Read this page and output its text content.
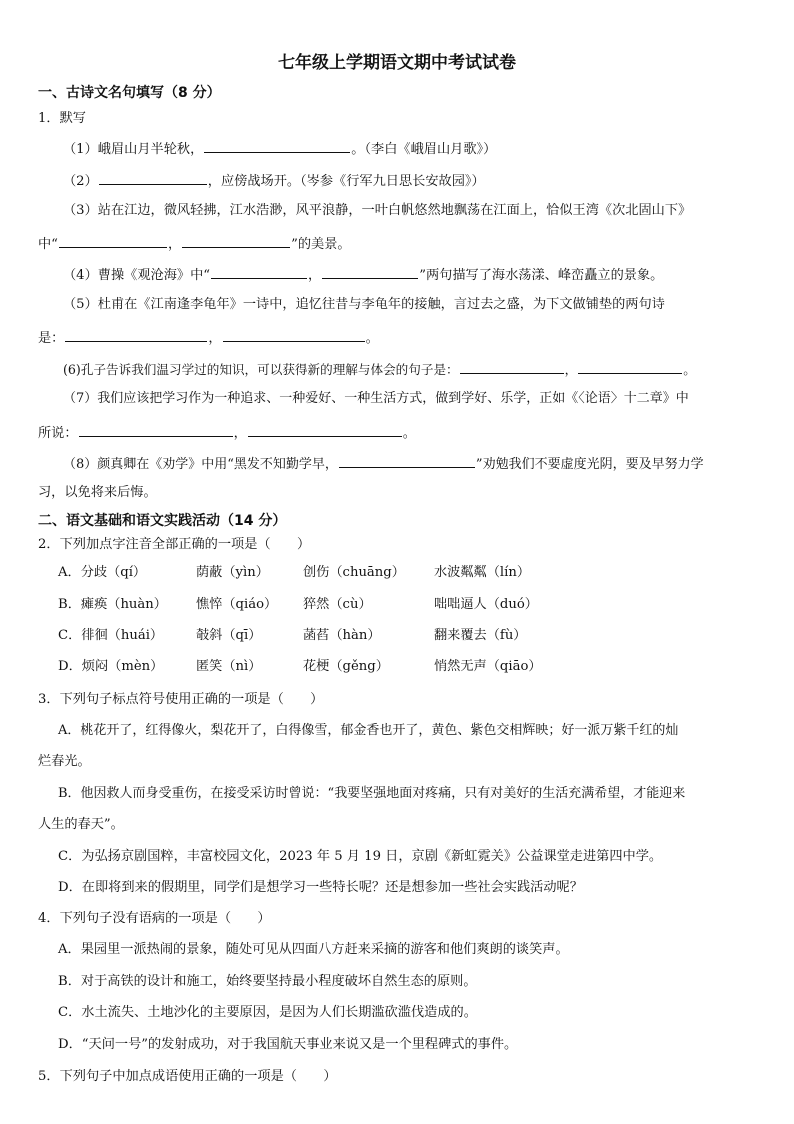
七年级上学期语文期中考试试卷
一、古诗文名句填写（8 分）
1．默写
（1）峨眉山月半轮秋，	。（李白《峨眉山月歌》）
（2）	，应傍战场开。（岑参《行军九日思长安故园》）
（3）站在江边，微风轻拂，江水浩渺，风平浪静，一叶白帆悠然地飘荡在江面上，恰似王湾《次北固山下》
中“	，	”的美景。
（4）曹操《观沧海》中“	，	”两句描写了海水荡漾、峰峦矗立的景象。
（5）杜甫在《江南逢李龟年》一诗中，追忆往昔与李龟年的接触，言过去之盛，为下文做铺垫的两句诗
是：	，	。
(6)孔子告诉我们温习学过的知识，可以获得新的理解与体会的句子是：	，	。
（7）我们应该把学习作为一种追求、一种爱好、一种生活方式，做到学好、乐学，正如《〈论语〉十二章》中
所说：	，	。
（8）颜真卿在《劝学》中用“黑发不知勤学早，	”劝勉我们不要虚度光阴，要及早努力学
习，以免将来后悔。
二、语文基础和语文实践活动（14 分）
2．下列加点字注音全部正确的一项是（　　）
A．分歧（qí）	荫蔽（yìn）	创伤（chuāng） 水波粼粼（lín）
B．瘫痪（huàn） 憔悴（qiáo） 猝然（cù）	咄咄逼人（duó）
C．徘徊（huái） 攲斜（qī）	菡萏（hàn）	翻来覆去（fù）
D．烦闷（mèn） 匿笑（nì）	花梗（gěng）	悄然无声（qiāo）
3．下列句子标点符号使用正确的一项是（　　）
A．桃花开了，红得像火，梨花开了，白得像雪，郁金香也开了，黄色、紫色交相辉映；好一派万紫千红的灿
烂春光。
B．他因救人而身受重伤，在接受采访时曾说：“我要坚强地面对疼痛，只有对美好的生活充满希望，才能迎来
人生的春天”。
C．为弘扬京剧国粹，丰富校园文化，2023 年 5 月 19 日，京剧《新虹霓关》公益课堂走进第四中学。
D．在即将到来的假期里，同学们是想学习一些特长呢？还是想参加一些社会实践活动呢？
4．下列句子没有语病的一项是（　　）
A．果园里一派热闹的景象，随处可见从四面八方赶来采摘的游客和他们爽朗的谈笑声。
B．对于高铁的设计和施工，始终要坚持最小程度破坏自然生态的原则。
C．水土流失、土地沙化的主要原因，是因为人们长期滥砍滥伐造成的。
D．“天问一号”的发射成功，对于我国航天事业来说又是一个里程碑式的事件。
5．下列句子中加点成语使用正确的一项是（　　）
